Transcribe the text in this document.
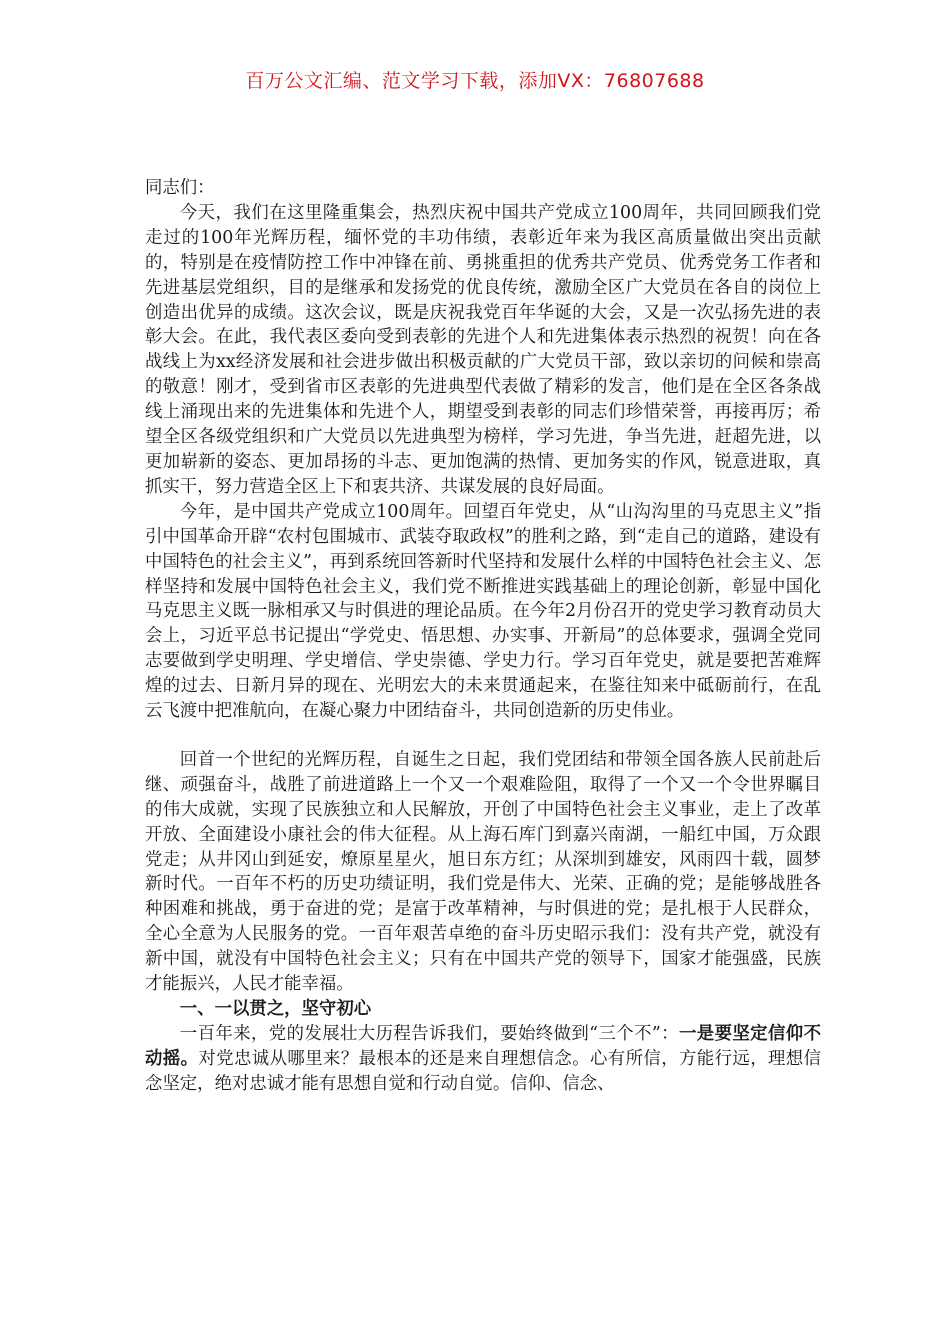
百万公文汇编、范文学习下载，添加VX：76807688

同志们：

今天，我们在这里隆重集会，热烈庆祝中国共产党成立100周年，共同回顾我们党走过的100年光辉历程，缅怀党的丰功伟绩，表彰近年来为我区高质量做出突出贡献的，特别是在疫情防控工作中冲锋在前、勇挑重担的优秀共产党员、优秀党务工作者和先进基层党组织，目的是继承和发扬党的优良传统，激励全区广大党员在各自的岗位上创造出优异的成绩。这次会议，既是庆祝我党百年华诞的大会，又是一次弘扬先进的表彰大会。在此，我代表区委向受到表彰的先进个人和先进集体表示热烈的祝贺！向在各战线上为xx经济发展和社会进步做出积极贡献的广大党员干部，致以亲切的问候和崇高的敬意！刚才，受到省市区表彰的先进典型代表做了精彩的发言，他们是在全区各条战线上涌现出来的先进集体和先进个人，期望受到表彰的同志们珍惜荣誉，再接再厉；希望全区各级党组织和广大党员以先进典型为榜样，学习先进，争当先进，赶超先进，以更加崭新的姿态、更加昂扬的斗志、更加饱满的热情、更加务实的作风，锐意进取，真抓实干，努力营造全区上下和衷共济、共谋发展的良好局面。

今年，是中国共产党成立100周年。回望百年党史，从“山沟沟里的马克思主义”指引中国革命开辟“农村包围城市、武装夺取政权”的胜利之路，到“走自己的道路，建设有中国特色的社会主义”，再到系统回答新时代坚持和发展什么样的中国特色社会主义、怎样坚持和发展中国特色社会主义，我们党不断推进实践基础上的理论创新，彰显中国化马克思主义既一脉相承又与时俱进的理论品质。在今年2月份召开的党史学习教育动员大会上，习近平总书记提出“学党史、悟思想、办实事、开新局”的总体要求，强调全党同志要做到学史明理、学史增信、学史崇德、学史力行。学习百年党史，就是要把苦难辉煌的过去、日新月异的现在、光明宏大的未来贯通起来，在鉴往知来中砥砺前行，在乱云飞渡中把准航向，在凝心聚力中团结奋斗，共同创造新的历史伟业。

回首一个世纪的光辉历程，自诞生之日起，我们党团结和带领全国各族人民前赴后继、顽强奋斗，战胜了前进道路上一个又一个艰难险阻，取得了一个又一个令世界瞩目的伟大成就，实现了民族独立和人民解放，开创了中国特色社会主义事业，走上了改革开放、全面建设小康社会的伟大征程。从上海石库门到嘉兴南湖，一船红中国，万众跟党走；从井冈山到延安，燎原星星火，旭日东方红；从深圳到雄安，风雨四十载，圆梦新时代。一百年不朽的历史功绩证明，我们党是伟大、光荣、正确的党；是能够战胜各种困难和挑战，勇于奋进的党；是富于改革精神，与时俱进的党；是扎根于人民群众，全心全意为人民服务的党。一百年艰苦卓绝的奋斗历史昭示我们：没有共产党，就没有新中国，就没有中国特色社会主义；只有在中国共产党的领导下，国家才能强盛，民族才能振兴，人民才能幸福。

一、一以贯之，坚守初心

一百年来，党的发展壮大历程告诉我们，要始终做到“三个不”：一是要坚定信仰不动摇。对党忠诚从哪里来？最根本的还是来自理想信念。心有所信，方能行远，理想信念坚定，绝对忠诚才能有思想自觉和行动自觉。信仰、信念、
